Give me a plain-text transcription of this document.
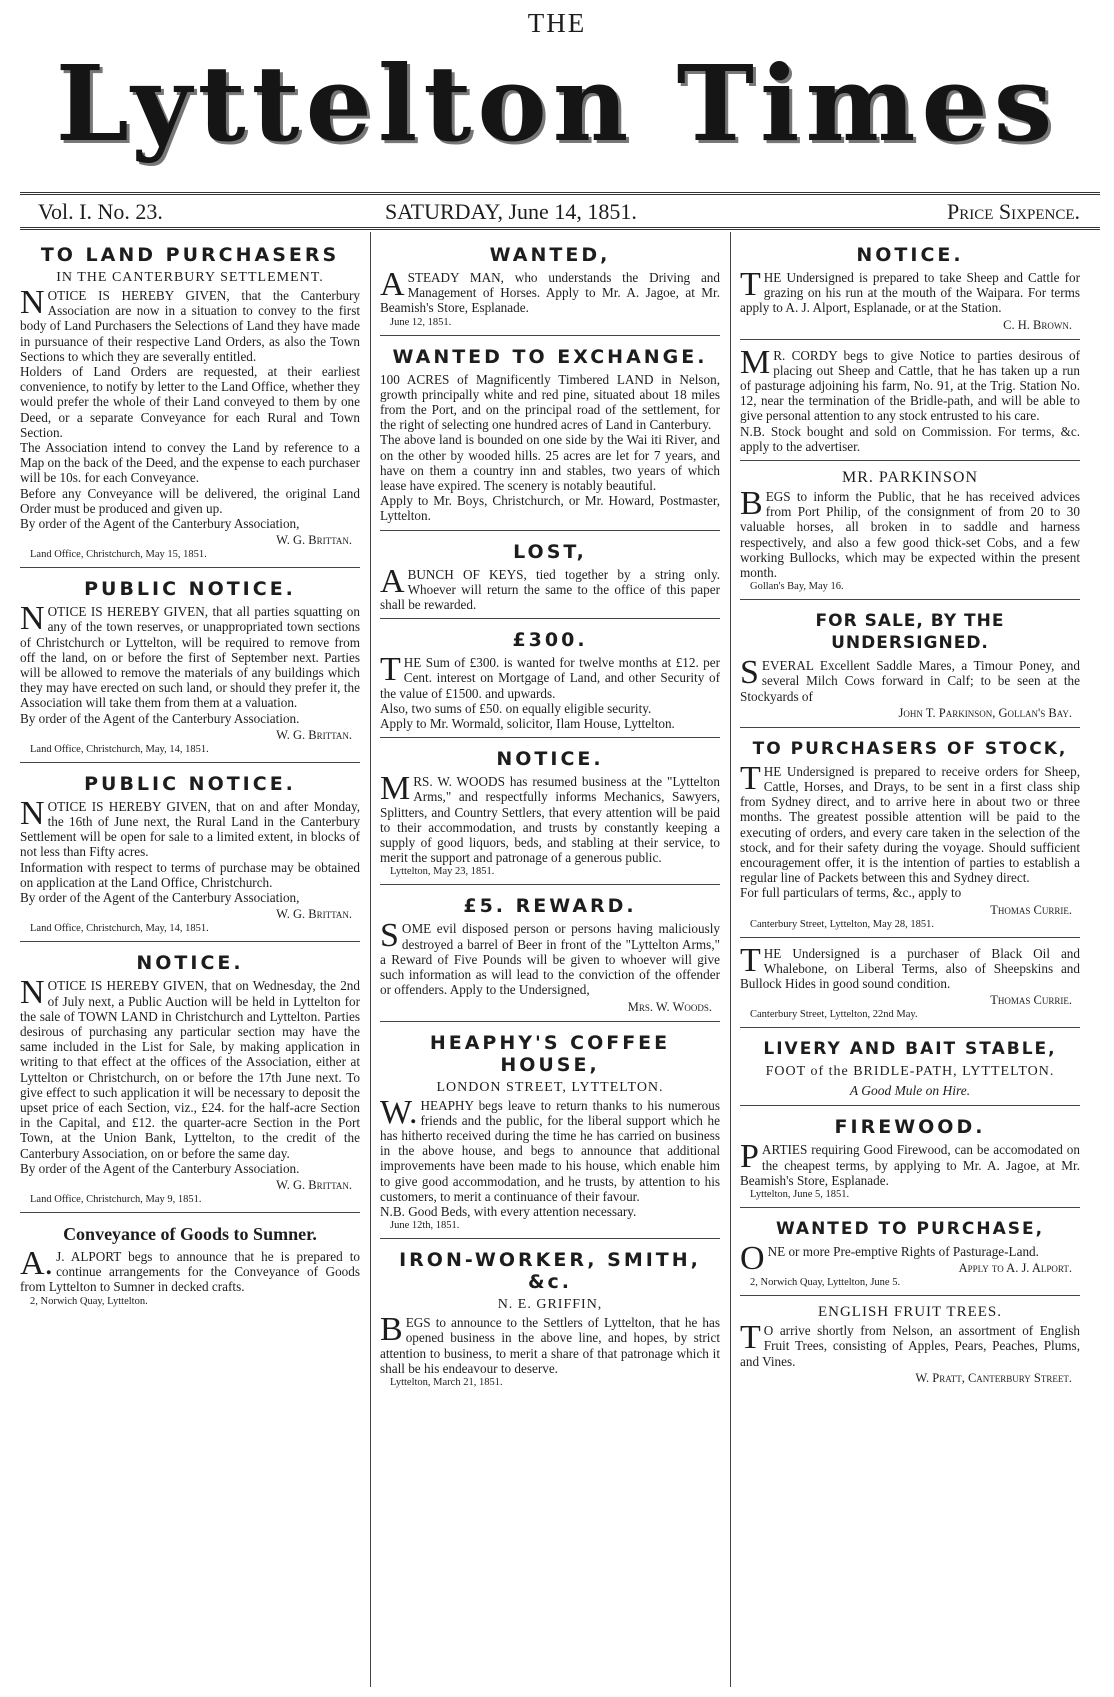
THE
Lyttelton Times
Vol. I. No. 23.	SATURDAY, June 14, 1851.	Price Sixpence.
TO LAND PURCHASERS
IN THE CANTERBURY SETTLEMENT.

NOTICE IS HEREBY GIVEN, that the Canterbury Association are now in a situation to convey to the first body of Land Purchasers the Selections of Land they have made in pursuance of their respective Land Orders, as also the Town Sections to which they are severally entitled.

Holders of Land Orders are requested, at their earliest convenience, to notify by letter to the Land Office, whether they would prefer the whole of their Land conveyed to them by one Deed, or a separate Conveyance for each Rural and Town Section.

The Association intend to convey the Land by reference to a Map on the back of the Deed, and the expense to each purchaser will be 10s. for each Conveyance.

Before any Conveyance will be delivered, the original Land Order must be produced and given up.

By order of the Agent of the Canterbury Association,

W. G. Brittan.
Land Office, Christchurch, May 15, 1851.
PUBLIC NOTICE.

NOTICE IS HEREBY GIVEN, that all parties squatting on any of the town reserves, or unappropriated town sections of Christchurch or Lyttelton, will be required to remove from off the land, on or before the first of September next. Parties will be allowed to remove the materials of any buildings which they may have erected on such land, or should they prefer it, the Association will take them from them at a valuation.

By order of the Agent of the Canterbury Association.

W. G. Brittan.
Land Office, Christchurch, May, 14, 1851.
PUBLIC NOTICE.

NOTICE IS HEREBY GIVEN, that on and after Monday, the 16th of June next, the Rural Land in the Canterbury Settlement will be open for sale to a limited extent, in blocks of not less than Fifty acres.

Information with respect to terms of purchase may be obtained on application at the Land Office, Christchurch.

By order of the Agent of the Canterbury Association,

W. G. Brittan.
Land Office, Christchurch, May, 14, 1851.
NOTICE.

NOTICE IS HEREBY GIVEN, that on Wednesday, the 2nd of July next, a Public Auction will be held in Lyttelton for the sale of TOWN LAND in Christchurch and Lyttelton. Parties desirous of purchasing any particular section may have the same included in the List for Sale, by making application in writing to that effect at the offices of the Association, either at Lyttelton or Christchurch, on or before the 17th June next. To give effect to such application it will be necessary to deposit the upset price of each Section, viz., £24. for the half-acre Section in the Capital, and £12. the quarter-acre Section in the Port Town, at the Union Bank, Lyttelton, to the credit of the Canterbury Association, on or before the same day.

By order of the Agent of the Canterbury Association.

W. G. Brittan.
Land Office, Christchurch, May 9, 1851.
Conveyance of Goods to Sumner.

A.J. ALPORT begs to announce that he is prepared to continue arrangements for the Conveyance of Goods from Lyttelton to Sumner in decked crafts.

2, Norwich Quay, Lyttelton.
WANTED,

ASTEADY MAN, who understands the Driving and Management of Horses. Apply to Mr. A. Jagoe, at Mr. Beamish's Store, Esplanade.

June 12, 1851.
WANTED TO EXCHANGE.

100 ACRES of Magnificently Timbered LAND in Nelson, growth principally white and red pine, situated about 18 miles from the Port, and on the principal road of the settlement, for the right of selecting one hundred acres of Land in Canterbury.

The above land is bounded on one side by the Wai iti River, and on the other by wooded hills. 25 acres are let for 7 years, and have on them a country inn and stables, two years of which lease have expired. The scenery is notably beautiful.

Apply to Mr. Boys, Christchurch, or Mr. Howard, Postmaster, Lyttelton.

LOST,

ABUNCH OF KEYS, tied together by a string only. Whoever will return the same to the office of this paper shall be rewarded.

£300.

THE Sum of £300. is wanted for twelve months at £12. per Cent. interest on Mortgage of Land, and other Security of the value of £1500. and upwards.

Also, two sums of £50. on equally eligible security.

Apply to Mr. Wormald, solicitor, Ilam House, Lyttelton.

NOTICE.

MRS. W. WOODS has resumed business at the "Lyttelton Arms," and respectfully informs Mechanics, Sawyers, Splitters, and Country Settlers, that every attention will be paid to their accommodation, and trusts by constantly keeping a supply of good liquors, beds, and stabling at their service, to merit the support and patronage of a generous public.

Lyttelton, May 23, 1851.
£5. REWARD.

SOME evil disposed person or persons having maliciously destroyed a barrel of Beer in front of the "Lyttelton Arms," a Reward of Five Pounds will be given to whoever will give such information as will lead to the conviction of the offender or offenders. Apply to the Undersigned,

Mrs. W. Woods.
HEAPHY'S COFFEE HOUSE,
LONDON STREET, LYTTELTON.

W.HEAPHY begs leave to return thanks to his numerous friends and the public, for the liberal support which he has hitherto received during the time he has carried on business in the above house, and begs to announce that additional improvements have been made to his house, which enable him to give good accommodation, and he trusts, by attention to his customers, to merit a continuance of their favour.

N.B. Good Beds, with every attention necessary.

June 12th, 1851.
IRON-WORKER, SMITH, &c.
N. E. GRIFFIN,

BEGS to announce to the Settlers of Lyttelton, that he has opened business in the above line, and hopes, by strict attention to business, to merit a share of that patronage which it shall be his endeavour to deserve.

Lyttelton, March 21, 1851.
NOTICE.

THE Undersigned is prepared to take Sheep and Cattle for grazing on his run at the mouth of the Waipara. For terms apply to A. J. Alport, Esplanade, or at the Station.

C. H. Brown.

MR. CORDY begs to give Notice to parties desirous of placing out Sheep and Cattle, that he has taken up a run of pasturage adjoining his farm, No. 91, at the Trig. Station No. 12, near the termination of the Bridle-path, and will be able to give personal attention to any stock entrusted to his care.

N.B. Stock bought and sold on Commission. For terms, &c. apply to the advertiser.

MR. PARKINSON

BEGS to inform the Public, that he has received advices from Port Philip, of the consignment of from 20 to 30 valuable horses, all broken in to saddle and harness respectively, and also a few good thick-set Cobs, and a few working Bullocks, which may be expected within the present month.

Gollan's Bay, May 16.
FOR SALE, BY THE UNDERSIGNED.

SEVERAL Excellent Saddle Mares, a Timour Poney, and several Milch Cows forward in Calf; to be seen at the Stockyards of

John T. Parkinson, Gollan's Bay.
TO PURCHASERS OF STOCK,

THE Undersigned is prepared to receive orders for Sheep, Cattle, Horses, and Drays, to be sent in a first class ship from Sydney direct, and to arrive here in about two or three months. The greatest possible attention will be paid to the executing of orders, and every care taken in the selection of the stock, and for their safety during the voyage. Should sufficient encouragement offer, it is the intention of parties to establish a regular line of Packets between this and Sydney direct.

For full particulars of terms, &c., apply to

Thomas Currie.
Canterbury Street, Lyttelton, May 28, 1851.

THE Undersigned is a purchaser of Black Oil and Whalebone, on Liberal Terms, also of Sheepskins and Bullock Hides in good sound condition.

Thomas Currie.
Canterbury Street, Lyttelton, 22nd May.
LIVERY AND BAIT STABLE,
FOOT of the BRIDLE-PATH, LYTTELTON.
A Good Mule on Hire.
FIREWOOD.

PARTIES requiring Good Firewood, can be accomodated on the cheapest terms, by applying to Mr. A. Jagoe, at Mr. Beamish's Store, Esplanade.

Lyttelton, June 5, 1851.
WANTED TO PURCHASE,

ONE or more Pre-emptive Rights of Pasturage-Land.

Apply to A. J. Alport.
2, Norwich Quay, Lyttelton, June 5.
ENGLISH FRUIT TREES.

TO arrive shortly from Nelson, an assortment of English Fruit Trees, consisting of Apples, Pears, Peaches, Plums, and Vines.

W. Pratt, Canterbury Street.
